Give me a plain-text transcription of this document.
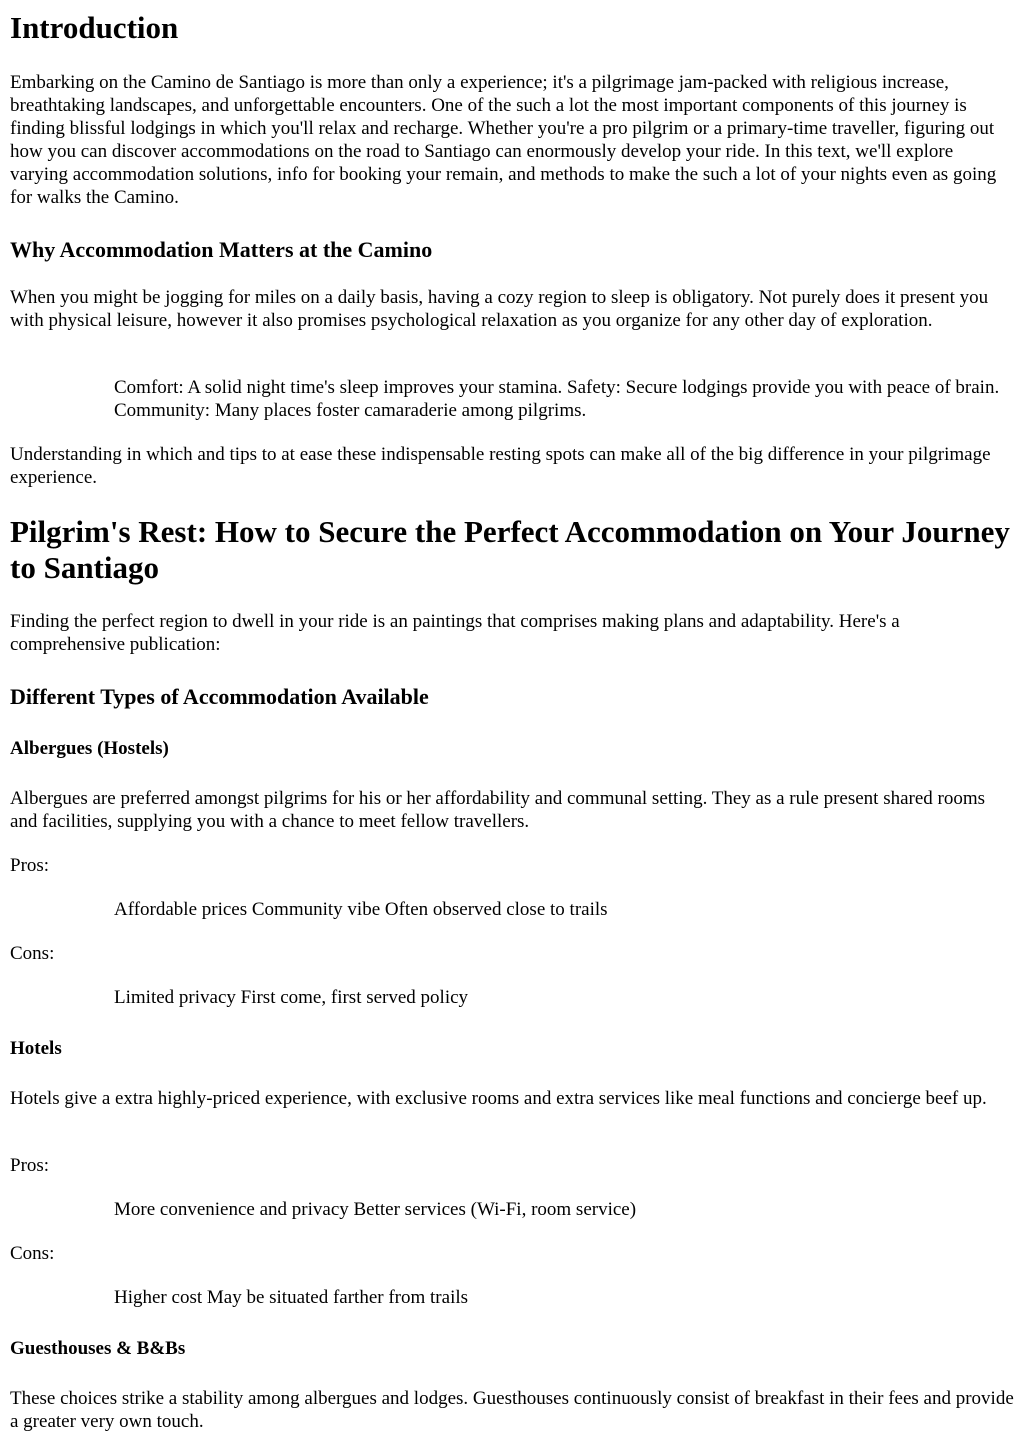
Introduction

Embarking on the Camino de Santiago is more than only a experience; it's a pilgrimage jam-packed with religious increase, breathtaking landscapes, and unforgettable encounters. One of the such a lot the most important components of this journey is finding blissful lodgings in which you'll relax and recharge. Whether you're a pro pilgrim or a primary-time traveller, figuring out how you can discover accommodations on the road to Santiago can enormously develop your ride. In this text, we'll explore varying accommodation solutions, info for booking your remain, and methods to make the such a lot of your nights even as going for walks the Camino.

Why Accommodation Matters at the Camino

When you might be jogging for miles on a daily basis, having a cozy region to sleep is obligatory. Not purely does it present you with physical leisure, however it also promises psychological relaxation as you organize for any other day of exploration.

Comfort: A solid night time's sleep improves your stamina. Safety: Secure lodgings provide you with peace of brain. Community: Many places foster camaraderie among pilgrims.

Understanding in which and tips to at ease these indispensable resting spots can make all of the big difference in your pilgrimage experience.

Pilgrim's Rest: How to Secure the Perfect Accommodation on Your Journey to Santiago

Finding the perfect region to dwell in your ride is an paintings that comprises making plans and adaptability. Here's a comprehensive publication:

Different Types of Accommodation Available
Albergues (Hostels)

Albergues are preferred amongst pilgrims for his or her affordability and communal setting. They as a rule present shared rooms and facilities, supplying you with a chance to meet fellow travellers.

Pros:

Affordable prices Community vibe Often observed close to trails

Cons:

Limited privacy First come, first served policy
Hotels

Hotels give a extra highly-priced experience, with exclusive rooms and extra services like meal functions and concierge beef up.

Pros:

More convenience and privacy Better services (Wi-Fi, room service)

Cons:

Higher cost May be situated farther from trails
Guesthouses & B&Bs

These choices strike a stability among albergues and lodges. Guesthouses continuously consist of breakfast in their fees and provide a greater very own touch.
